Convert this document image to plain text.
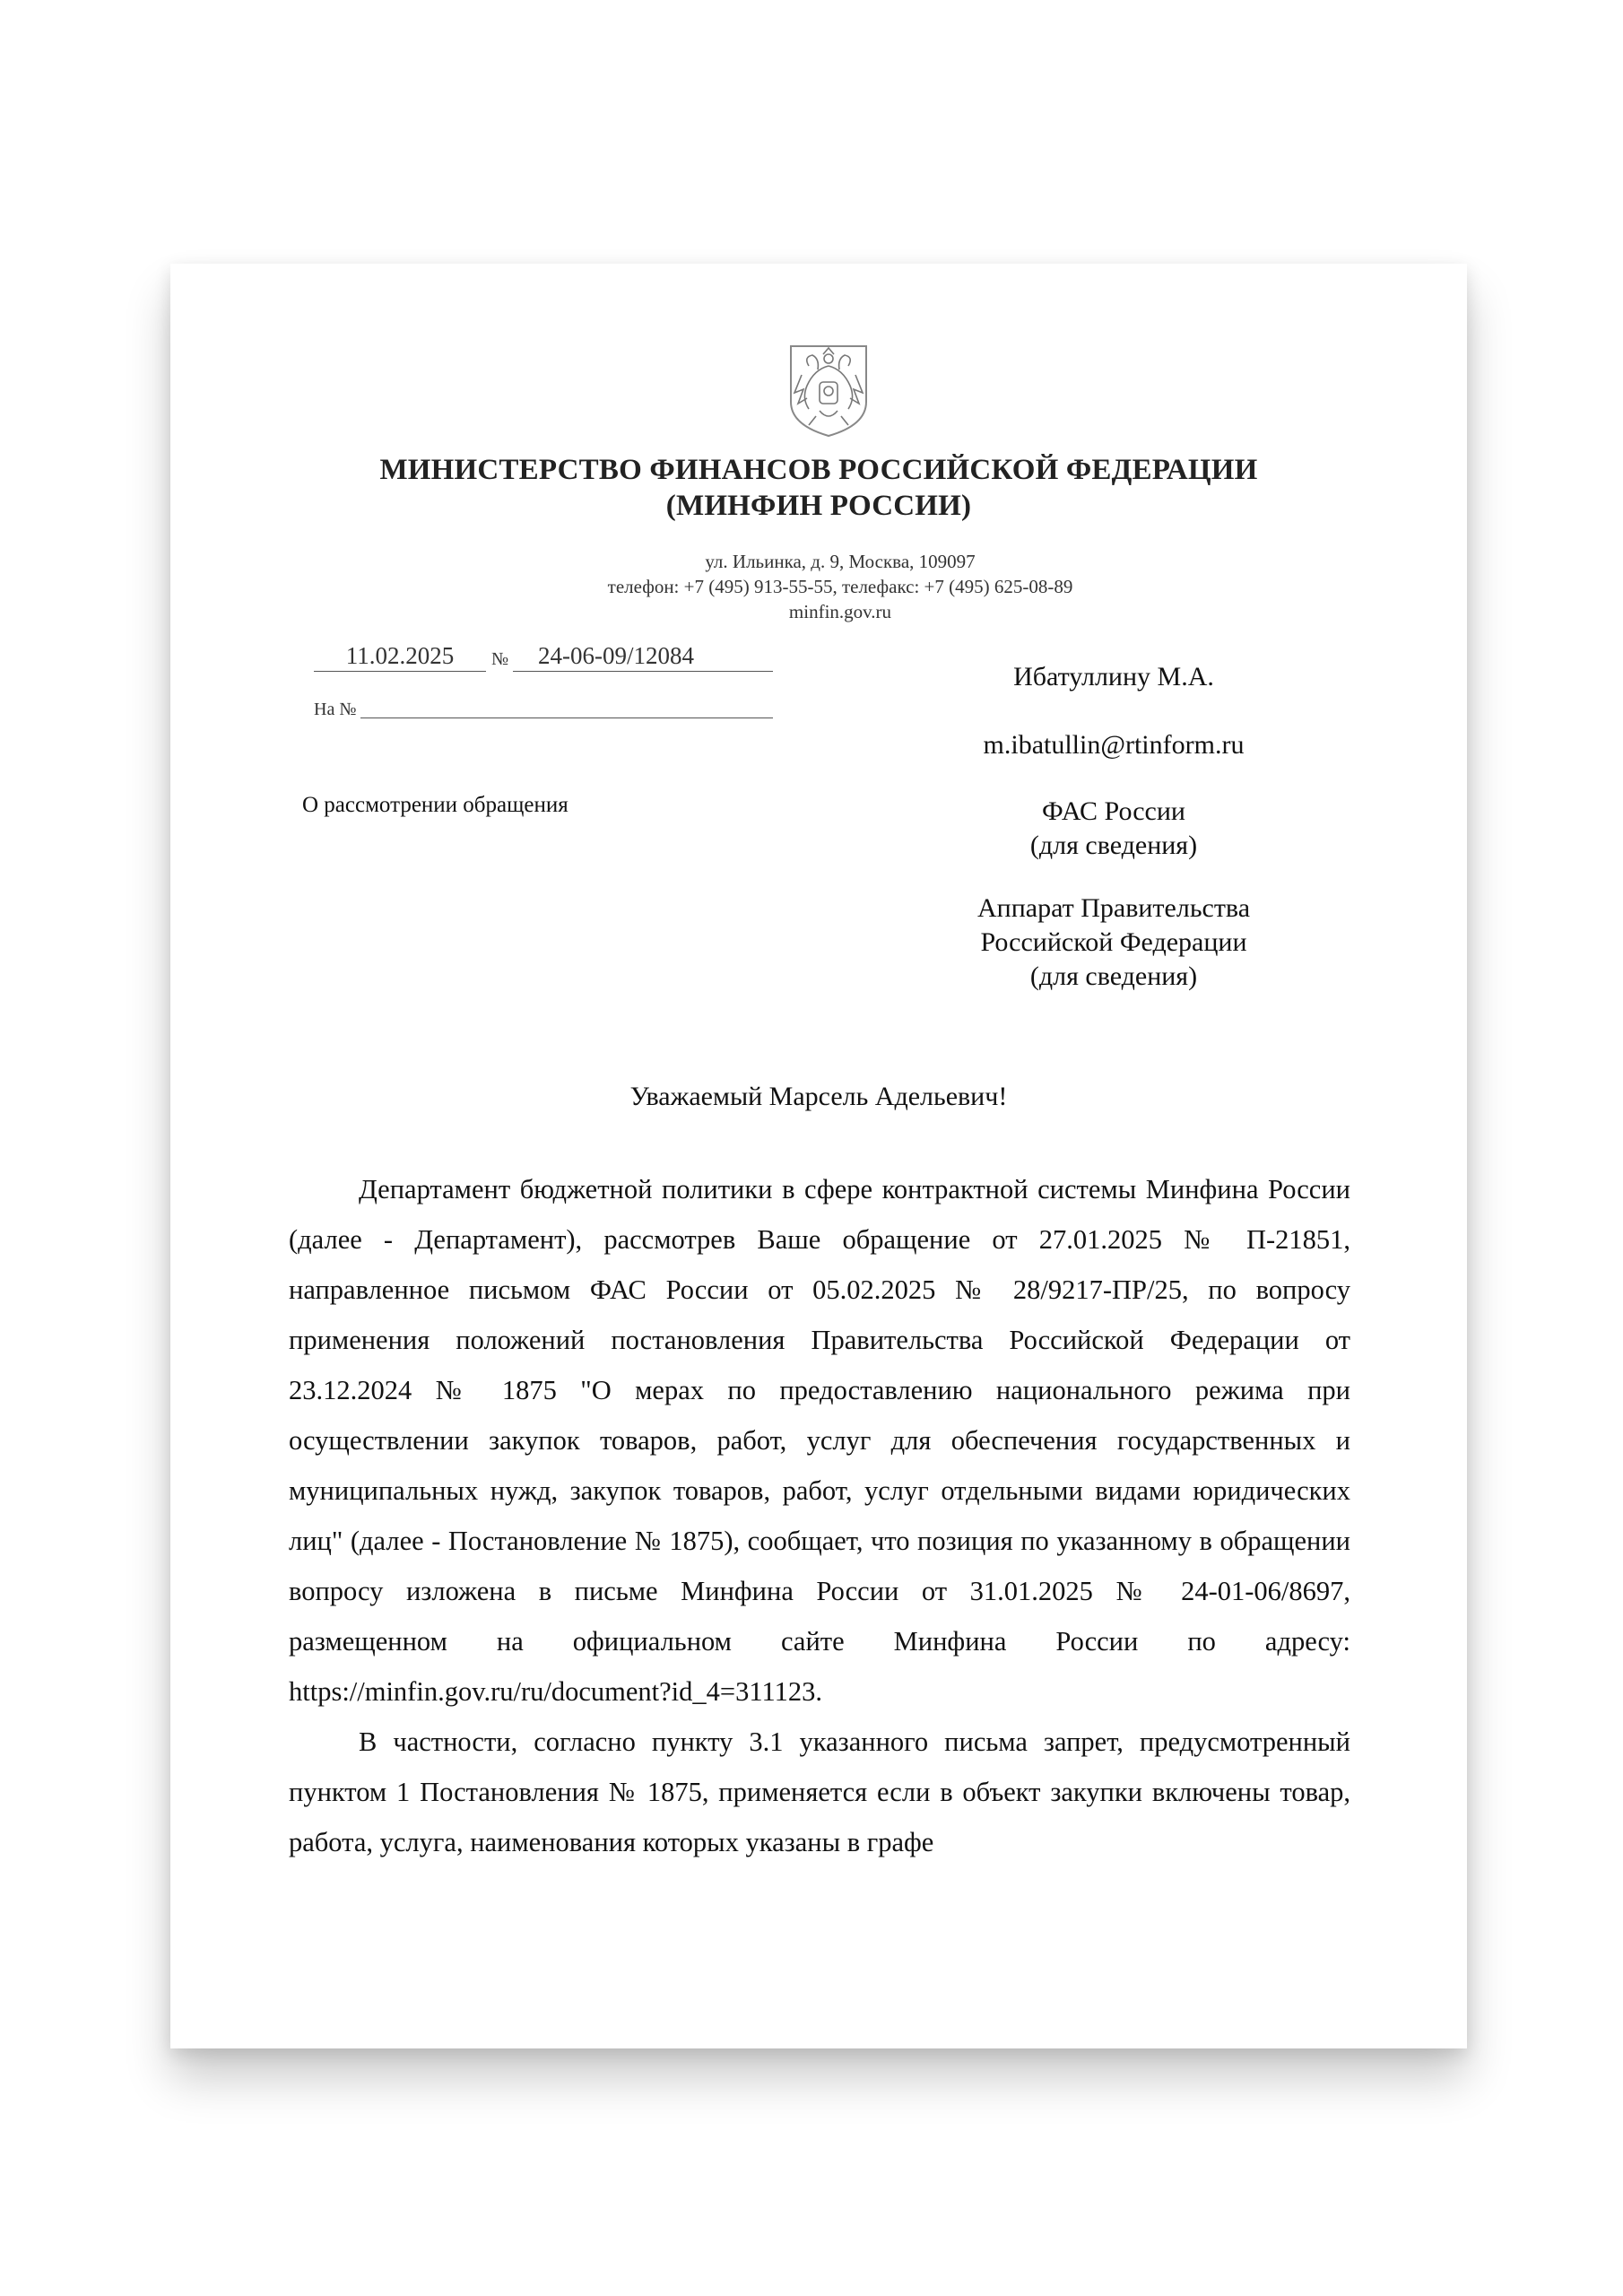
МИНИСТЕРСТВО ФИНАНСОВ РОССИЙСКОЙ ФЕДЕРАЦИИ
(МИНФИН РОССИИ)
ул. Ильинка, д. 9, Москва, 109097
телефон: +7 (495) 913-55-55, телефакс: +7 (495) 625-08-89
minfin.gov.ru
11.02.2025	№	24-06-09/12084
На №
О рассмотрении обращения
Ибатуллину М.А.
m.ibatullin@rtinform.ru
ФАС России
(для сведения)
Аппарат Правительства
Российской Федерации
(для сведения)
Уважаемый Марсель Адельевич!

Департамент бюджетной политики в сфере контрактной системы Минфина России (далее - Департамент), рассмотрев Ваше обращение от 27.01.2025 № П-21851, направленное письмом ФАС России от 05.02.2025 № 28/9217-ПР/25, по вопросу применения положений постановления Правительства Российской Федерации от 23.12.2024 № 1875 "О мерах по предоставлению национального режима при осуществлении закупок товаров, работ, услуг для обеспечения государственных и муниципальных нужд, закупок товаров, работ, услуг отдельными видами юридических лиц" (далее - Постановление № 1875), сообщает, что позиция по указанному в обращении вопросу изложена в письме Минфина России от 31.01.2025 № 24-01-06/8697, размещенном на официальном сайте Минфина России по адресу: https://minfin.gov.ru/ru/document?id_4=311123.

В частности, согласно пункту 3.1 указанного письма запрет, предусмотренный пунктом 1 Постановления № 1875, применяется если в объект закупки включены товар, работа, услуга, наименования которых указаны в графе
